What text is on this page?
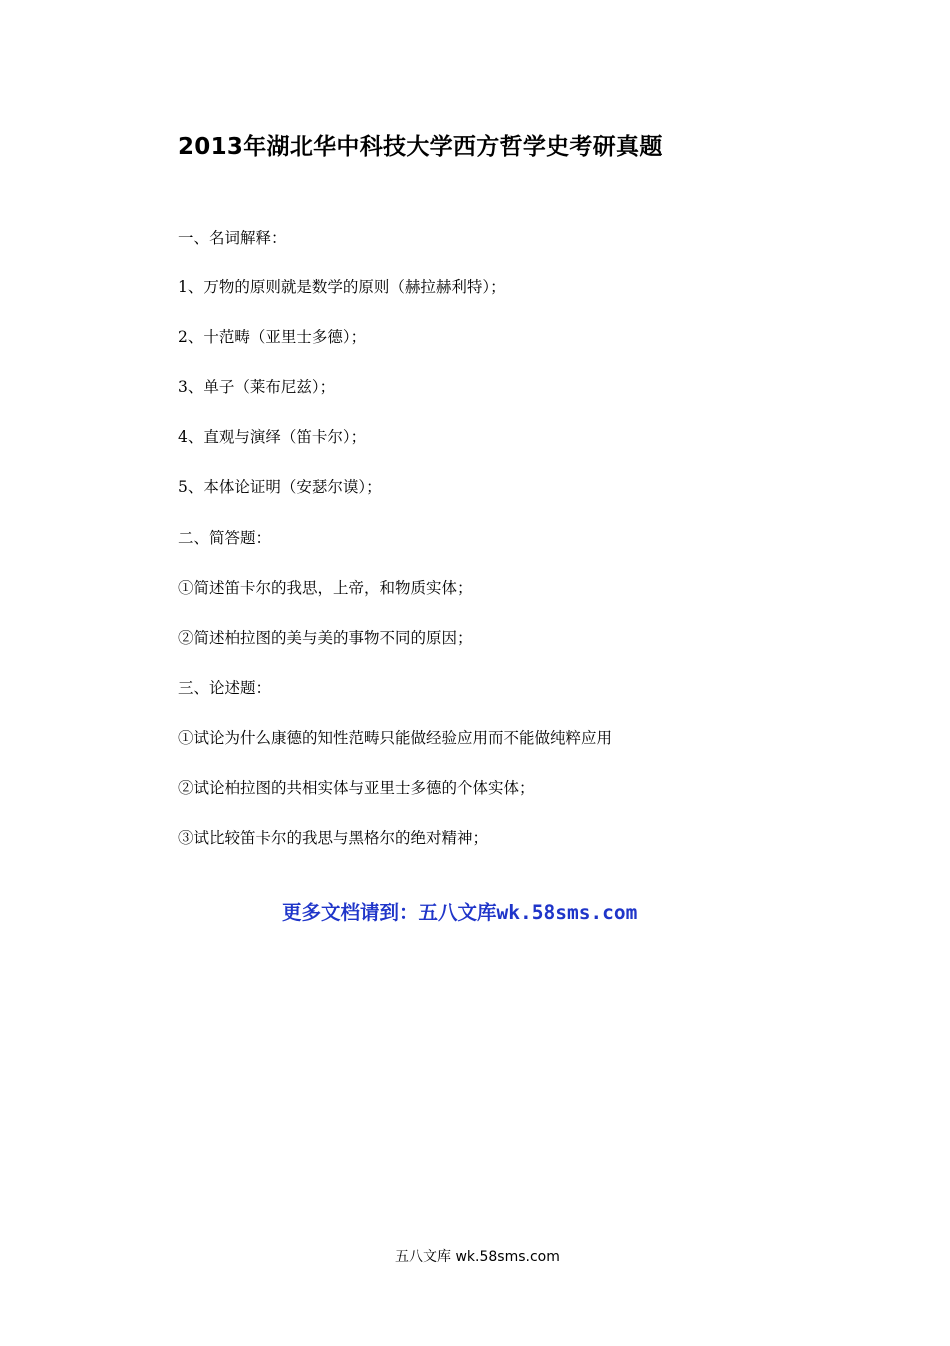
2013年湖北华中科技大学西方哲学史考研真题
一、名词解释：
1、万物的原则就是数学的原则（赫拉赫利特）；
2、十范畴（亚里士多德）；
3、单子（莱布尼兹）；
4、直观与演绎（笛卡尔）；
5、本体论证明（安瑟尔谟）；
二、简答题：
①简述笛卡尔的我思，上帝，和物质实体；
②简述柏拉图的美与美的事物不同的原因；
三、论述题：
①试论为什么康德的知性范畴只能做经验应用而不能做纯粹应用
②试论柏拉图的共相实体与亚里士多德的个体实体；
③试比较笛卡尔的我思与黑格尔的绝对精神；
更多文档请到：五八文库wk.58sms.com
五八文库 wk.58sms.com
